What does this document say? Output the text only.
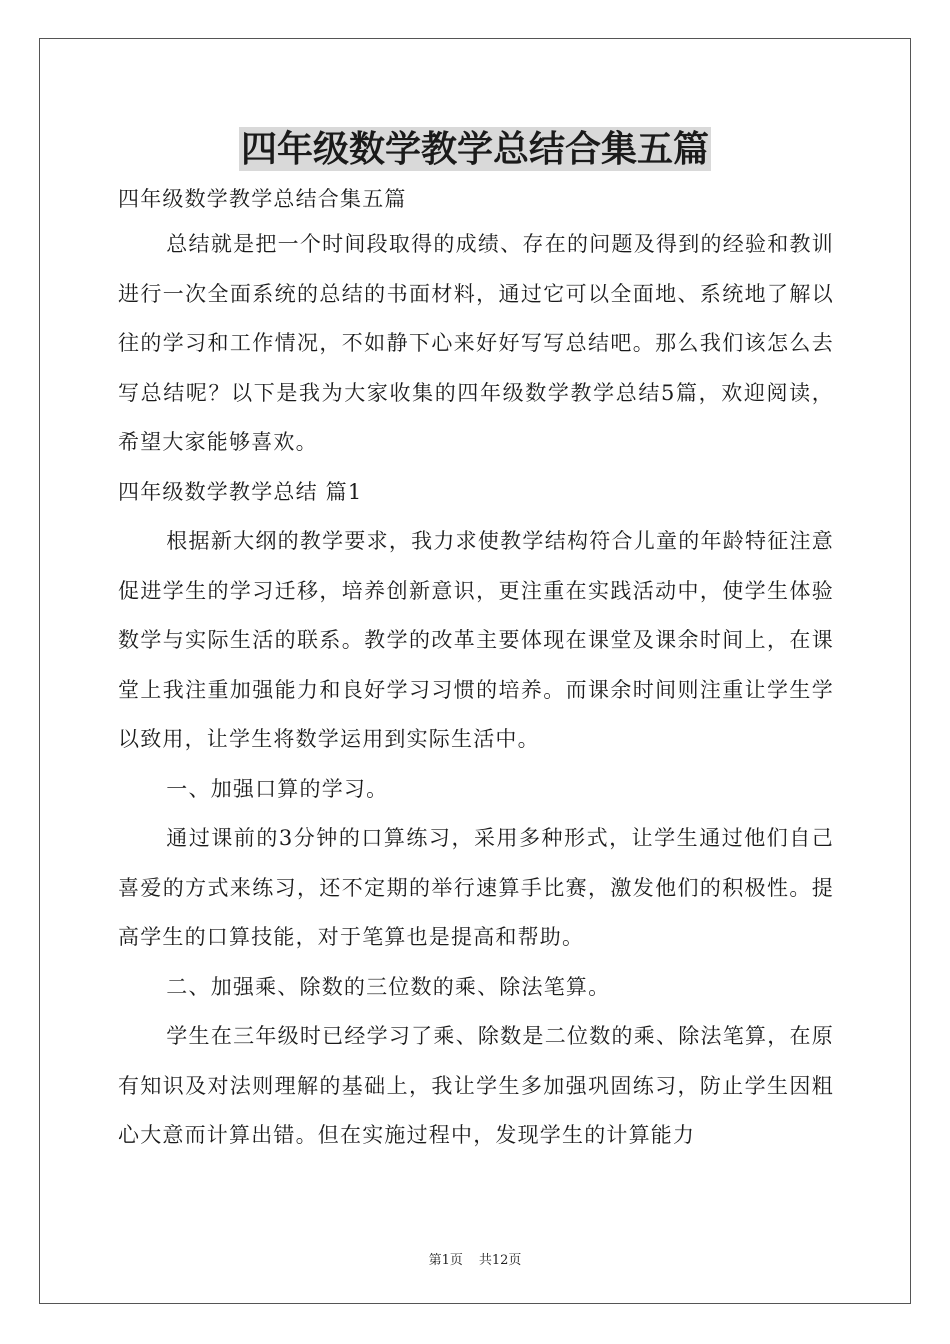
四年级数学教学总结合集五篇

四年级数学教学总结合集五篇

总结就是把一个时间段取得的成绩、存在的问题及得到的经验和教训进行一次全面系统的总结的书面材料，通过它可以全面地、系统地了解以往的学习和工作情况，不如静下心来好好写写总结吧。那么我们该怎么去写总结呢？以下是我为大家收集的四年级数学教学总结5篇，欢迎阅读，希望大家能够喜欢。

四年级数学教学总结 篇1

根据新大纲的教学要求，我力求使教学结构符合儿童的年龄特征注意促进学生的学习迁移，培养创新意识，更注重在实践活动中，使学生体验数学与实际生活的联系。教学的改革主要体现在课堂及课余时间上，在课堂上我注重加强能力和良好学习习惯的培养。而课余时间则注重让学生学以致用，让学生将数学运用到实际生活中。

一、加强口算的学习。

通过课前的3分钟的口算练习，采用多种形式，让学生通过他们自己喜爱的方式来练习，还不定期的举行速算手比赛，激发他们的积极性。提高学生的口算技能，对于笔算也是提高和帮助。

二、加强乘、除数的三位数的乘、除法笔算。

学生在三年级时已经学习了乘、除数是二位数的乘、除法笔算，在原有知识及对法则理解的基础上，我让学生多加强巩固练习，防止学生因粗心大意而计算出错。但在实施过程中，发现学生的计算能力

第1页 共12页
